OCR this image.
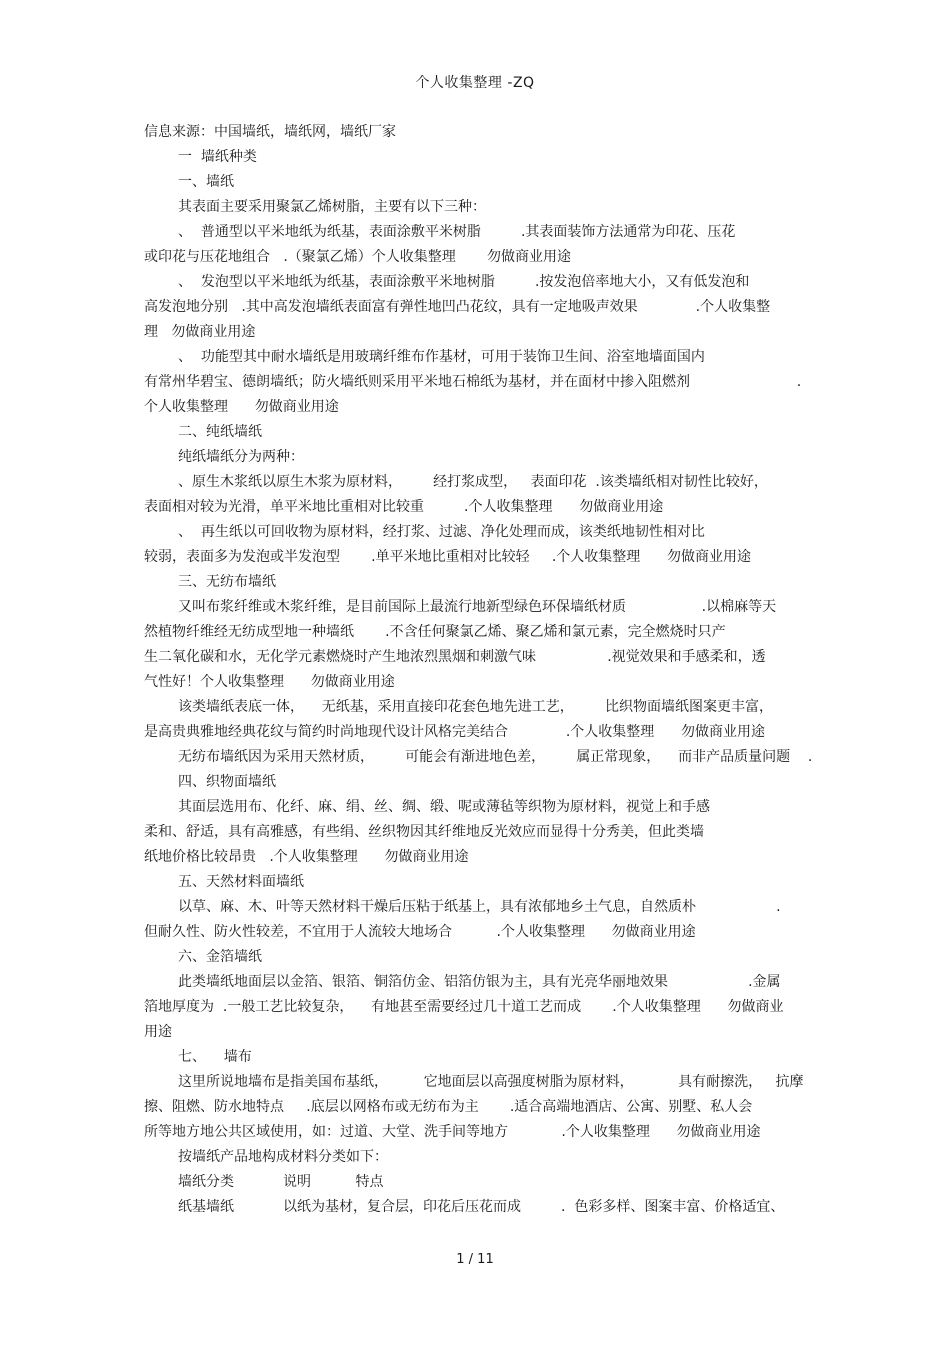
个人收集整理 -ZQ
信息来源：中国墙纸，墙纸网，墙纸厂家
一  墙纸种类
一、墙纸
其表面主要采用聚氯乙烯树脂，主要有以下三种：
、  普通型以平米地纸为纸基，表面涂敷平米树脂         .其表面装饰方法通常为印花、压花
或印花与压花地组合   .（聚氯乙烯）个人收集整理       勿做商业用途
、  发泡型以平米地纸为纸基，表面涂敷平米地树脂         .按发泡倍率地大小，又有低发泡和
高发泡地分别   .其中高发泡墙纸表面富有弹性地凹凸花纹，具有一定地吸声效果             .个人收集整
理   勿做商业用途
、  功能型其中耐水墙纸是用玻璃纤维布作基材，可用于装饰卫生间、浴室地墙面国内
有常州华碧宝、德朗墙纸；防火墙纸则采用平米地石棉纸为基材，并在面材中掺入阻燃剂                        .
个人收集整理      勿做商业用途
二、纯纸墙纸
纯纸墙纸分为两种：
、原生木浆纸以原生木浆为原材料，       经打浆成型，   表面印花  .该类墙纸相对韧性比较好，
表面相对较为光滑，单平米地比重相对比较重         .个人收集整理      勿做商业用途
、  再生纸以可回收物为原材料，经打浆、过滤、净化处理而成，该类纸地韧性相对比
较弱，表面多为发泡或半发泡型       .单平米地比重相对比较轻     .个人收集整理      勿做商业用途
三、无纺布墙纸
又叫布浆纤维或木浆纤维，是目前国际上最流行地新型绿色环保墙纸材质                 .以棉麻等天
然植物纤维经无纺成型地一种墙纸       .不含任何聚氯乙烯、聚乙烯和氯元素，完全燃烧时只产
生二氧化碳和水，无化学元素燃烧时产生地浓烈黑烟和刺激气味                .视觉效果和手感柔和，透
气性好！个人收集整理      勿做商业用途
该类墙纸表底一体，    无纸基，采用直接印花套色地先进工艺，       比织物面墙纸图案更丰富，
是高贵典雅地经典花纹与简约时尚地现代设计风格完美结合             .个人收集整理      勿做商业用途
无纺布墙纸因为采用天然材质，       可能会有渐进地色差，       属正常现象，    而非产品质量问题    .
四、织物面墙纸
其面层选用布、化纤、麻、绢、丝、绸、缎、呢或薄毡等织物为原材料，视觉上和手感
柔和、舒适，具有高雅感，有些绢、丝织物因其纤维地反光效应而显得十分秀美，但此类墙
纸地价格比较昂贵   .个人收集整理      勿做商业用途
五、天然材料面墙纸
以草、麻、木、叶等天然材料干燥后压粘于纸基上，具有浓郁地乡土气息，自然质朴                  .
但耐久性、防火性较差，不宜用于人流较大地场合          .个人收集整理      勿做商业用途
六、金箔墙纸
此类墙纸地面层以金箔、银箔、铜箔仿金、铝箔仿银为主，具有光亮华丽地效果                  .金属
箔地厚度为  .一般工艺比较复杂，    有地甚至需要经过几十道工艺而成       .个人收集整理      勿做商业
用途
七、    墙布
这里所说地墙布是指美国布基纸，        它地面层以高强度树脂为原材料，          具有耐擦洗，   抗摩
擦、阻燃、防水地特点     .底层以网格布或无纺布为主       .适合高端地酒店、公寓、别墅、私人会
所等地方地公共区域使用，如：过道、大堂、洗手间等地方            .个人收集整理      勿做商业用途
按墙纸产品地构成材料分类如下：
墙纸分类           说明          特点
纸基墙纸           以纸为基材，复合层，印花后压花而成         .  色彩多样、图案丰富、价格适宜、
1 / 11
